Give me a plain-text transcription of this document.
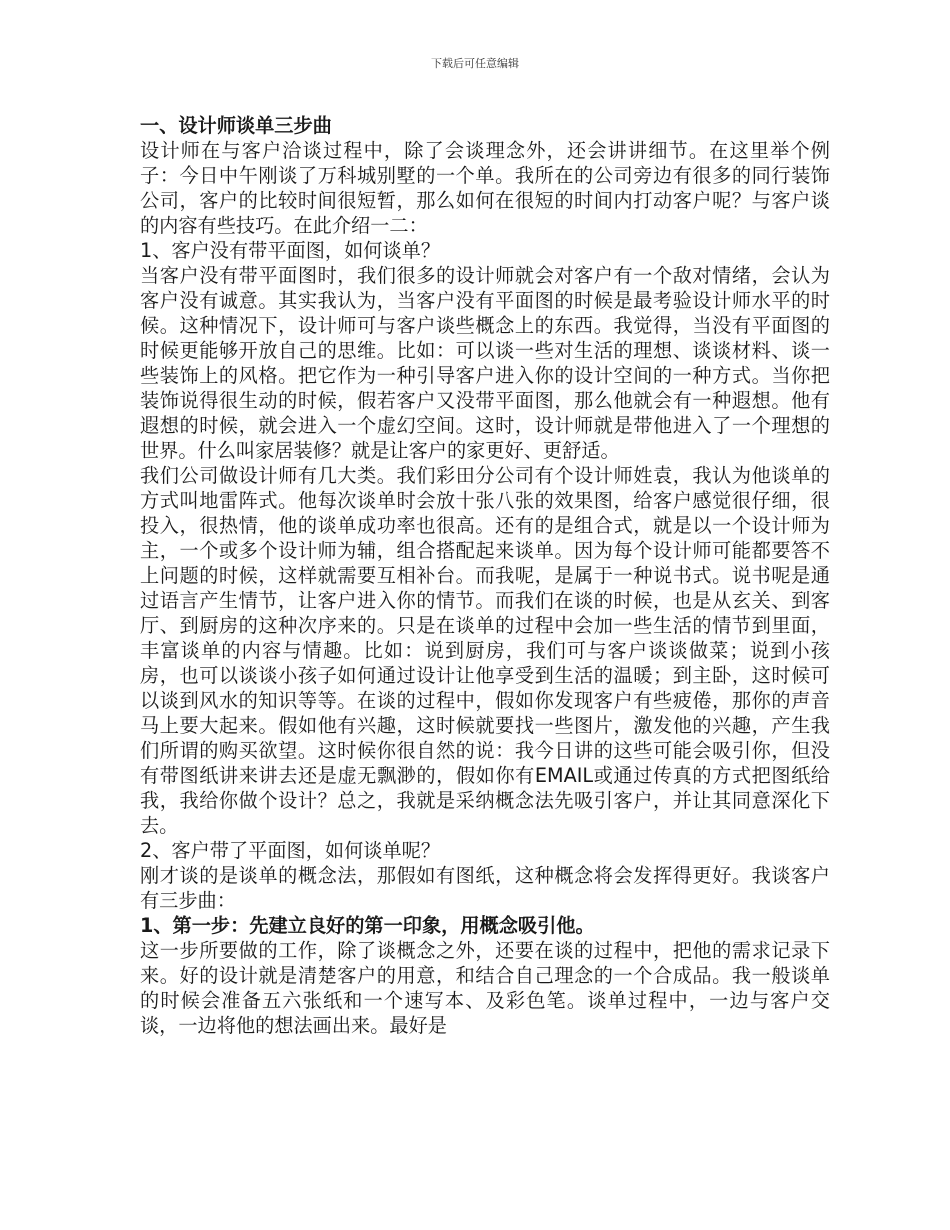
下载后可任意编辑

一、设计师谈单三步曲

设计师在与客户洽谈过程中，除了会谈理念外，还会讲讲细节。在这里举个例子：今日中午刚谈了万科城别墅的一个单。我所在的公司旁边有很多的同行装饰公司，客户的比较时间很短暂，那么如何在很短的时间内打动客户呢？与客户谈的内容有些技巧。在此介绍一二：

1、客户没有带平面图，如何谈单？

当客户没有带平面图时，我们很多的设计师就会对客户有一个敌对情绪，会认为客户没有诚意。其实我认为，当客户没有平面图的时候是最考验设计师水平的时候。这种情况下，设计师可与客户谈些概念上的东西。我觉得，当没有平面图的时候更能够开放自己的思维。比如：可以谈一些对生活的理想、谈谈材料、谈一些装饰上的风格。把它作为一种引导客户进入你的设计空间的一种方式。当你把装饰说得很生动的时候，假若客户又没带平面图，那么他就会有一种遐想。他有遐想的时候，就会进入一个虚幻空间。这时，设计师就是带他进入了一个理想的世界。什么叫家居装修？就是让客户的家更好、更舒适。

我们公司做设计师有几大类。我们彩田分公司有个设计师姓袁，我认为他谈单的方式叫地雷阵式。他每次谈单时会放十张八张的效果图，给客户感觉很仔细，很投入，很热情，他的谈单成功率也很高。还有的是组合式，就是以一个设计师为主，一个或多个设计师为辅，组合搭配起来谈单。因为每个设计师可能都要答不上问题的时候，这样就需要互相补台。而我呢，是属于一种说书式。说书呢是通过语言产生情节，让客户进入你的情节。而我们在谈的时候，也是从玄关、到客厅、到厨房的这种次序来的。只是在谈单的过程中会加一些生活的情节到里面，丰富谈单的内容与情趣。比如：说到厨房，我们可与客户谈谈做菜；说到小孩房，也可以谈谈小孩子如何通过设计让他享受到生活的温暖；到主卧，这时候可以谈到风水的知识等等。在谈的过程中，假如你发现客户有些疲倦，那你的声音马上要大起来。假如他有兴趣，这时候就要找一些图片，激发他的兴趣，产生我们所谓的购买欲望。这时候你很自然的说：我今日讲的这些可能会吸引你，但没有带图纸讲来讲去还是虚无飘渺的，假如你有EMAIL或通过传真的方式把图纸给我，我给你做个设计？总之，我就是采纳概念法先吸引客户，并让其同意深化下去。

2、客户带了平面图，如何谈单呢？

刚才谈的是谈单的概念法，那假如有图纸，这种概念将会发挥得更好。我谈客户有三步曲：

1、第一步：先建立良好的第一印象，用概念吸引他。

这一步所要做的工作，除了谈概念之外，还要在谈的过程中，把他的需求记录下来。好的设计就是清楚客户的用意，和结合自己理念的一个合成品。我一般谈单的时候会准备五六张纸和一个速写本、及彩色笔。谈单过程中，一边与客户交谈，一边将他的想法画出来。最好是
